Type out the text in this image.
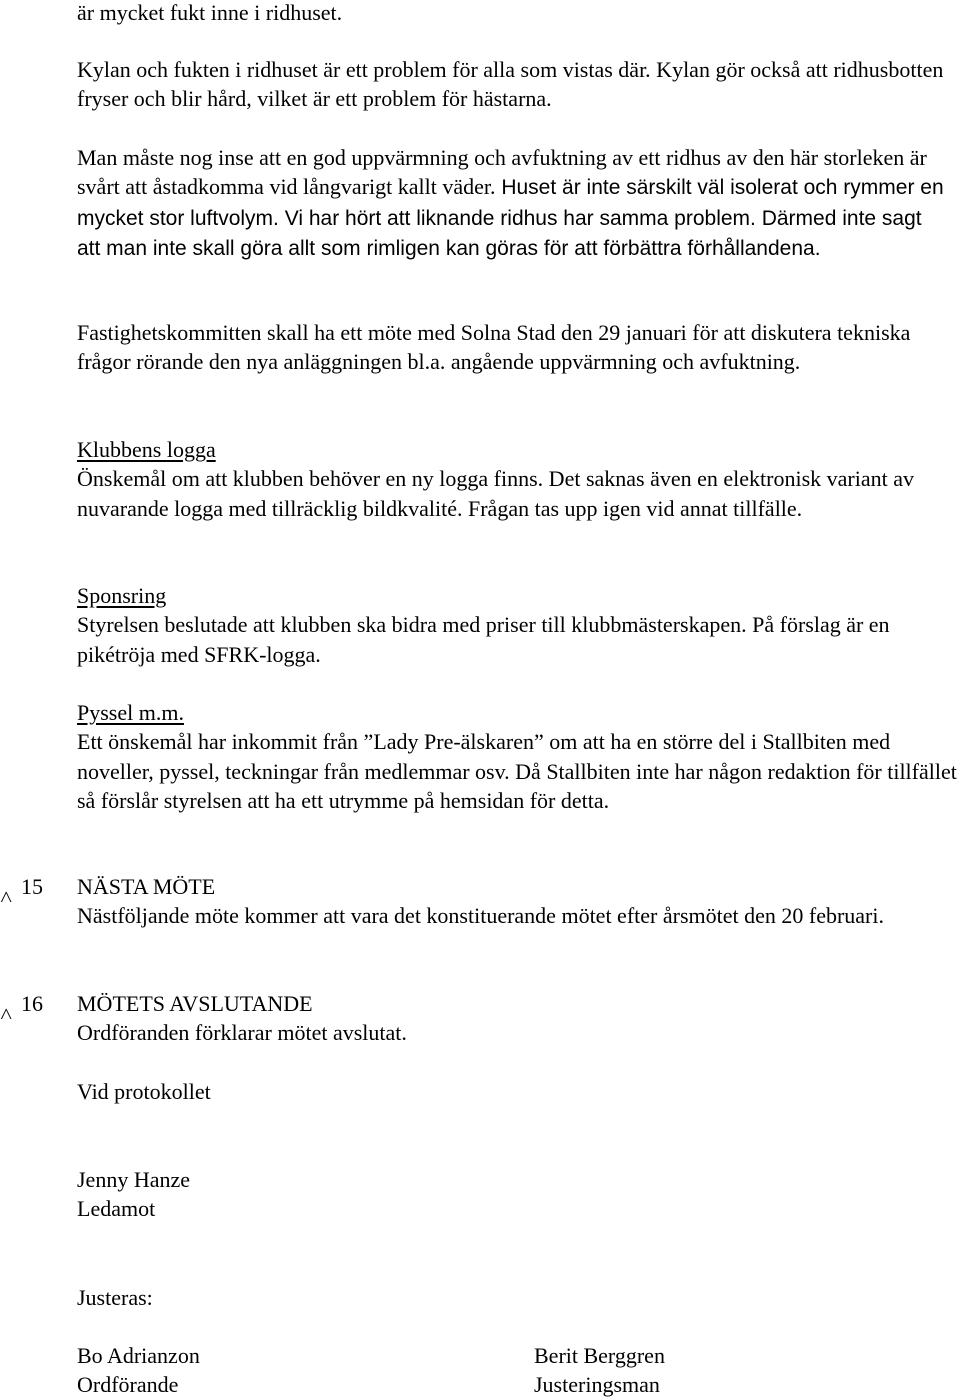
är mycket fukt inne i ridhuset.

Kylan och fukten i ridhuset är ett problem för alla som vistas där. Kylan gör också att ridhusbotten fryser och blir hård, vilket är ett problem för hästarna.

Man måste nog inse att en god uppvärmning och avfuktning av ett ridhus av den här storleken är svårt att åstadkomma vid långvarigt kallt väder. Huset är inte särskilt väl isolerat och rymmer en mycket stor luftvolym. Vi har hört att liknande ridhus har samma problem. Därmed inte sagt att man inte skall göra allt som rimligen kan göras för att förbättra förhållandena.

Fastighetskommitten skall ha ett möte med Solna Stad den 29 januari för att diskutera tekniska frågor rörande den nya anläggningen bl.a. angående uppvärmning och avfuktning.

Klubbens logga
Önskemål om att klubben behöver en ny logga finns. Det saknas även en elektronisk variant av nuvarande logga med tillräcklig bildkvalité. Frågan tas upp igen vid annat tillfälle.
Sponsring
Styrelsen beslutade att klubben ska bidra med priser till klubbmästerskapen. På förslag är en pikétröja med SFRK-logga.
Pyssel m.m.
Ett önskemål har inkommit från ”Lady Pre-älskaren” om att ha en större del i Stallbiten med noveller, pyssel, teckningar från medlemmar osv. Då Stallbiten inte har någon redaktion för tillfället så förslår styrelsen att ha ett utrymme på hemsidan för detta.
˄ 15	NÄSTA MÖTE
Nästföljande möte kommer att vara det konstituerande mötet efter årsmötet den 20 februari.
˄ 16	MÖTETS AVSLUTANDE
Ordföranden förklarar mötet avslutat.
Vid protokollet
Jenny Hanze
Ledamot
Justeras:
Bo Adrianzon
Ordförande
Berit Berggren
Justeringsman
